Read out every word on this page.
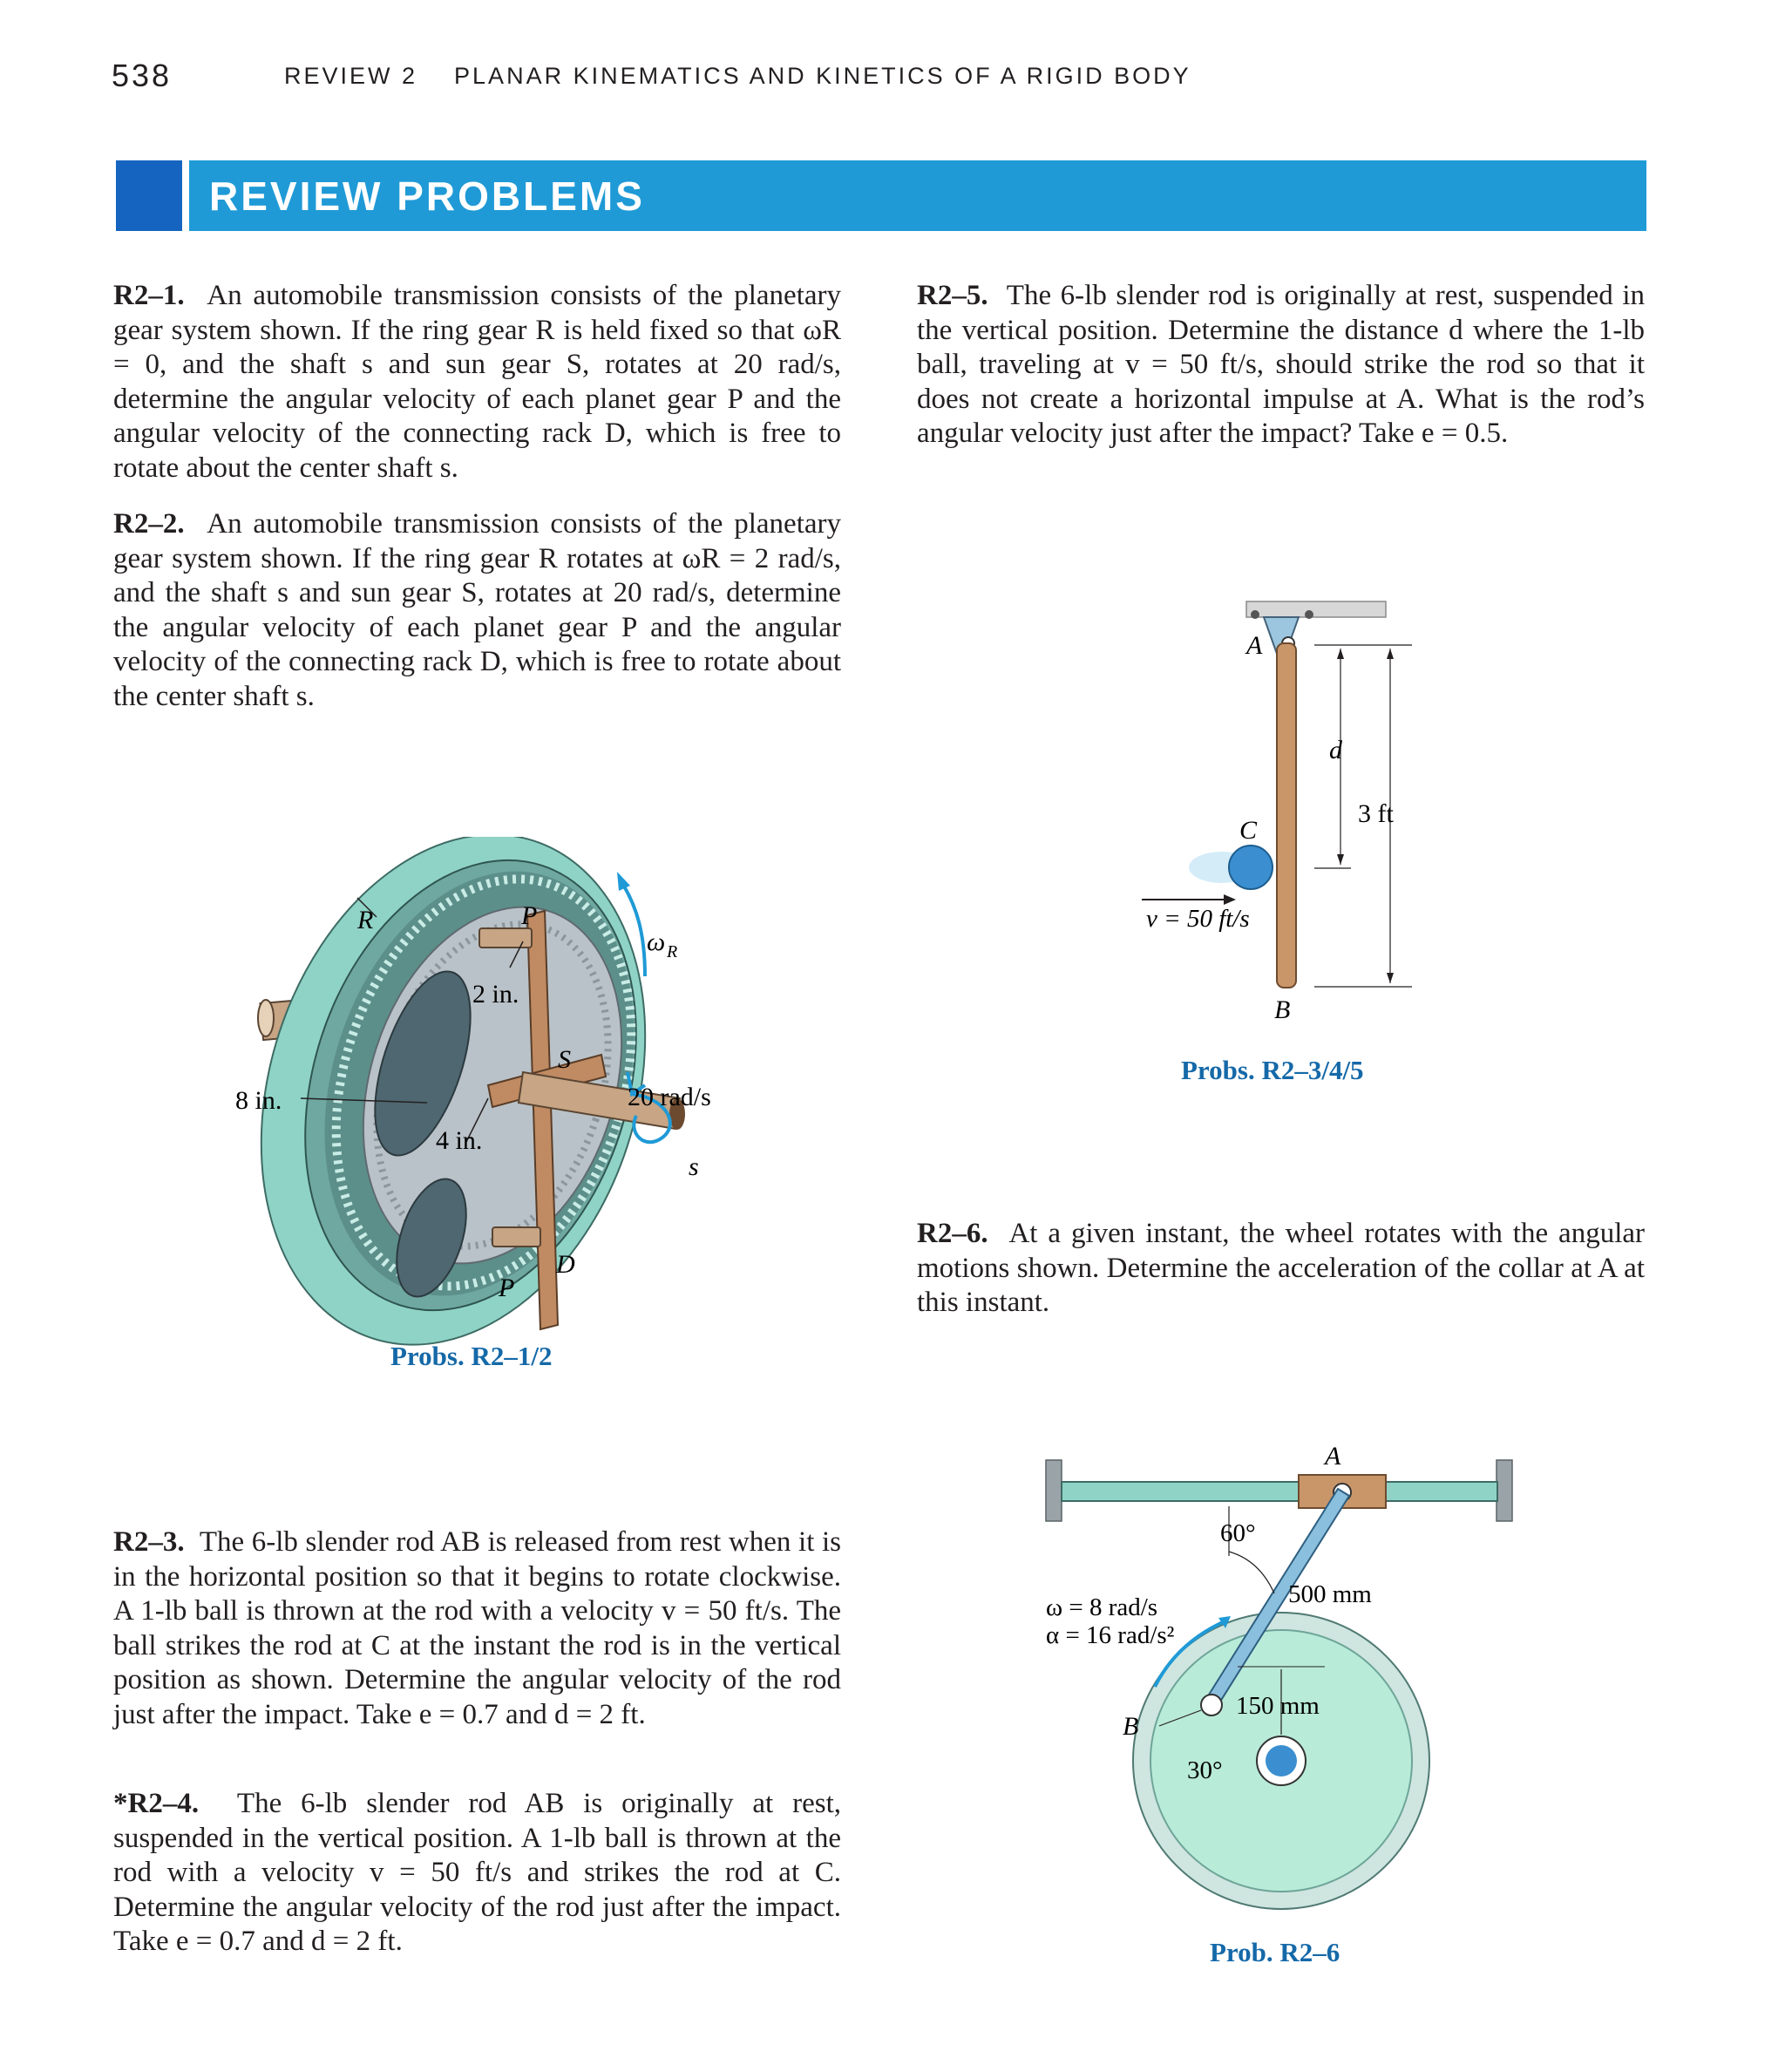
538	REVIEW 2 PLANAR KINEMATICS AND KINETICS OF A RIGID BODY
REVIEW PROBLEMS
R2–1. An automobile transmission consists of the planetary gear system shown. If the ring gear R is held fixed so that ωR = 0, and the shaft s and sun gear S, rotates at 20 rad/s, determine the angular velocity of each planet gear P and the angular velocity of the connecting rack D, which is free to rotate about the center shaft s.
R2–2. An automobile transmission consists of the planetary gear system shown. If the ring gear R rotates at ωR = 2 rad/s, and the shaft s and sun gear S, rotates at 20 rad/s, determine the angular velocity of each planet gear P and the angular velocity of the connecting rack D, which is free to rotate about the center shaft s.
R	P
ω R
2 in.
S
8 in.	20 rad/s
4 in.
s
D
P
Probs. R2–1/2
R2–3. The 6-lb slender rod AB is released from rest when it is in the horizontal position so that it begins to rotate clockwise. A 1-lb ball is thrown at the rod with a velocity v = 50 ft/s. The ball strikes the rod at C at the instant the rod is in the vertical position as shown. Determine the angular velocity of the rod just after the impact. Take e = 0.7 and d = 2 ft.
*R2–4. The 6-lb slender rod AB is originally at rest, suspended in the vertical position. A 1-lb ball is thrown at the rod with a velocity v = 50 ft/s and strikes the rod at C. Determine the angular velocity of the rod just after the impact. Take e = 0.7 and d = 2 ft.
R2–5. The 6-lb slender rod is originally at rest, suspended in the vertical position. Determine the distance d where the 1-lb ball, traveling at v = 50 ft/s, should strike the rod so that it does not create a horizontal impulse at A. What is the rod’s angular velocity just after the impact? Take e = 0.5.
A
d
3 ft
C
v = 50 ft/s
B
Probs. R2–3/4/5
R2–6. At a given instant, the wheel rotates with the angular motions shown. Determine the acceleration of the collar at A at this instant.
A
60°
500 mm
ω = 8 rad/s
α = 16 rad/s²
B
150 mm
30°
Prob. R2–6
